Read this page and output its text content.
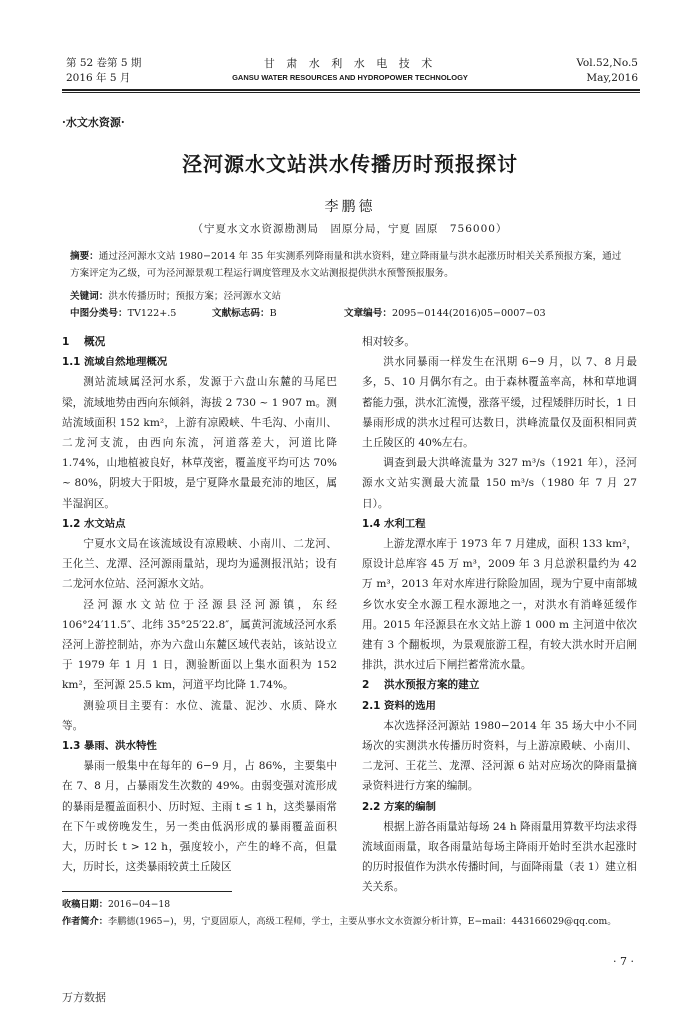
第 52 卷第 5 期
2016 年 5 月
甘 肃 水 利 水 电 技 术
GANSU WATER RESOURCES AND HYDROPOWER TECHNOLOGY
Vol.52,No.5
May,2016
·水文水资源·
泾河源水文站洪水传播历时预报探讨
李鹏德
（宁夏水文水资源勘测局　固原分局，宁夏 固原　756000）
摘要：通过泾河源水文站 1980−2014 年 35 年实测系列降雨量和洪水资料，建立降雨量与洪水起涨历时相关关系预报方案，通过方案评定为乙级，可为泾河源景观工程运行调度管理及水文站测报提供洪水预警预报服务。
关键词：洪水传播历时；预报方案；泾河源水文站
中图分类号：TV122+.5	文献标志码：B	文章编号：2095−0144(2016)05−0007−03
1 概况
1.1 流域自然地理概况

测站流域属泾河水系，发源于六盘山东麓的马尾巴梁，流域地势由西向东倾斜，海拔 2 730 ~ 1 907 m。测站流域面积 152 km²，上游有凉殿峡、牛毛沟、小南川、二龙河支流，由西向东流，河道落差大，河道比降 1.74%，山地植被良好，林草茂密，覆盖度平均可达 70% ~ 80%，阴坡大于阳坡，是宁夏降水量最充沛的地区，属半湿润区。

1.2 水文站点

宁夏水文局在该流域设有凉殿峡、小南川、二龙河、王化兰、龙潭、泾河源雨量站，现均为遥测报汛站；设有二龙河水位站、泾河源水文站。

泾河源水文站位于泾源县泾河源镇，东经 106°24′11.5″、北纬 35°25′22.8″，属黄河流域泾河水系泾河上游控制站，亦为六盘山东麓区域代表站，该站设立于 1979 年 1 月 1 日，测验断面以上集水面积为 152 km²，至河源 25.5 km，河道平均比降 1.74%。

测验项目主要有：水位、流量、泥沙、水质、降水等。

1.3 暴雨、洪水特性

暴雨一般集中在每年的 6−9 月，占 86%，主要集中在 7、8 月，占暴雨发生次数的 49%。由弱变强对流形成的暴雨是覆盖面积小、历时短、主雨 t ≤ 1 h，这类暴雨常在下午或傍晚发生，另一类由低涡形成的暴雨覆盖面积大，历时长 t > 12 h，强度较小，产生的峰不高，但量大，历时长，这类暴雨较黄土丘陵区

相对较多。

洪水同暴雨一样发生在汛期 6−9 月，以 7、8 月最多，5、10 月偶尔有之。由于森林覆盖率高，林和草地调蓄能力强，洪水汇流慢，涨落平缓，过程矮胖历时长，1 日暴雨形成的洪水过程可达数日，洪峰流量仅及面积相同黄土丘陵区的 40%左右。

调查到最大洪峰流量为 327 m³/s（1921 年），泾河源水文站实测最大流量 150 m³/s（1980 年 7 月 27 日）。

1.4 水利工程

上游龙潭水库于 1973 年 7 月建成，面积 133 km²，原设计总库容 45 万 m³，2009 年 3 月总淤积量约为 42 万 m³，2013 年对水库进行除险加固，现为宁夏中南部城乡饮水安全水源工程水源地之一，对洪水有消峰延缓作用。2015 年泾源县在水文站上游 1 000 m 主河道中依次建有 3 个翻板坝，为景观旅游工程，有较大洪水时开启闸排洪，洪水过后下闸拦蓄常流水量。

2 洪水预报方案的建立
2.1 资料的选用

本次选择泾河源站 1980−2014 年 35 场大中小不同场次的实测洪水传播历时资料，与上游凉殿峡、小南川、二龙河、王花兰、龙潭、泾河源 6 站对应场次的降雨量摘录资料进行方案的编制。

2.2 方案的编制

根据上游各雨量站每场 24 h 降雨量用算数平均法求得流域面雨量，取各雨量站每场主降雨开始时至洪水起涨时的历时报值作为洪水传播时间，与面降雨量（表 1）建立相关关系。

收稿日期：2016−04−18
作者简介：李鹏德(1965−)，男，宁夏固原人，高级工程师，学士，主要从事水文水资源分析计算，E−mail：443166029@qq.com。
· 7 ·
万方数据
